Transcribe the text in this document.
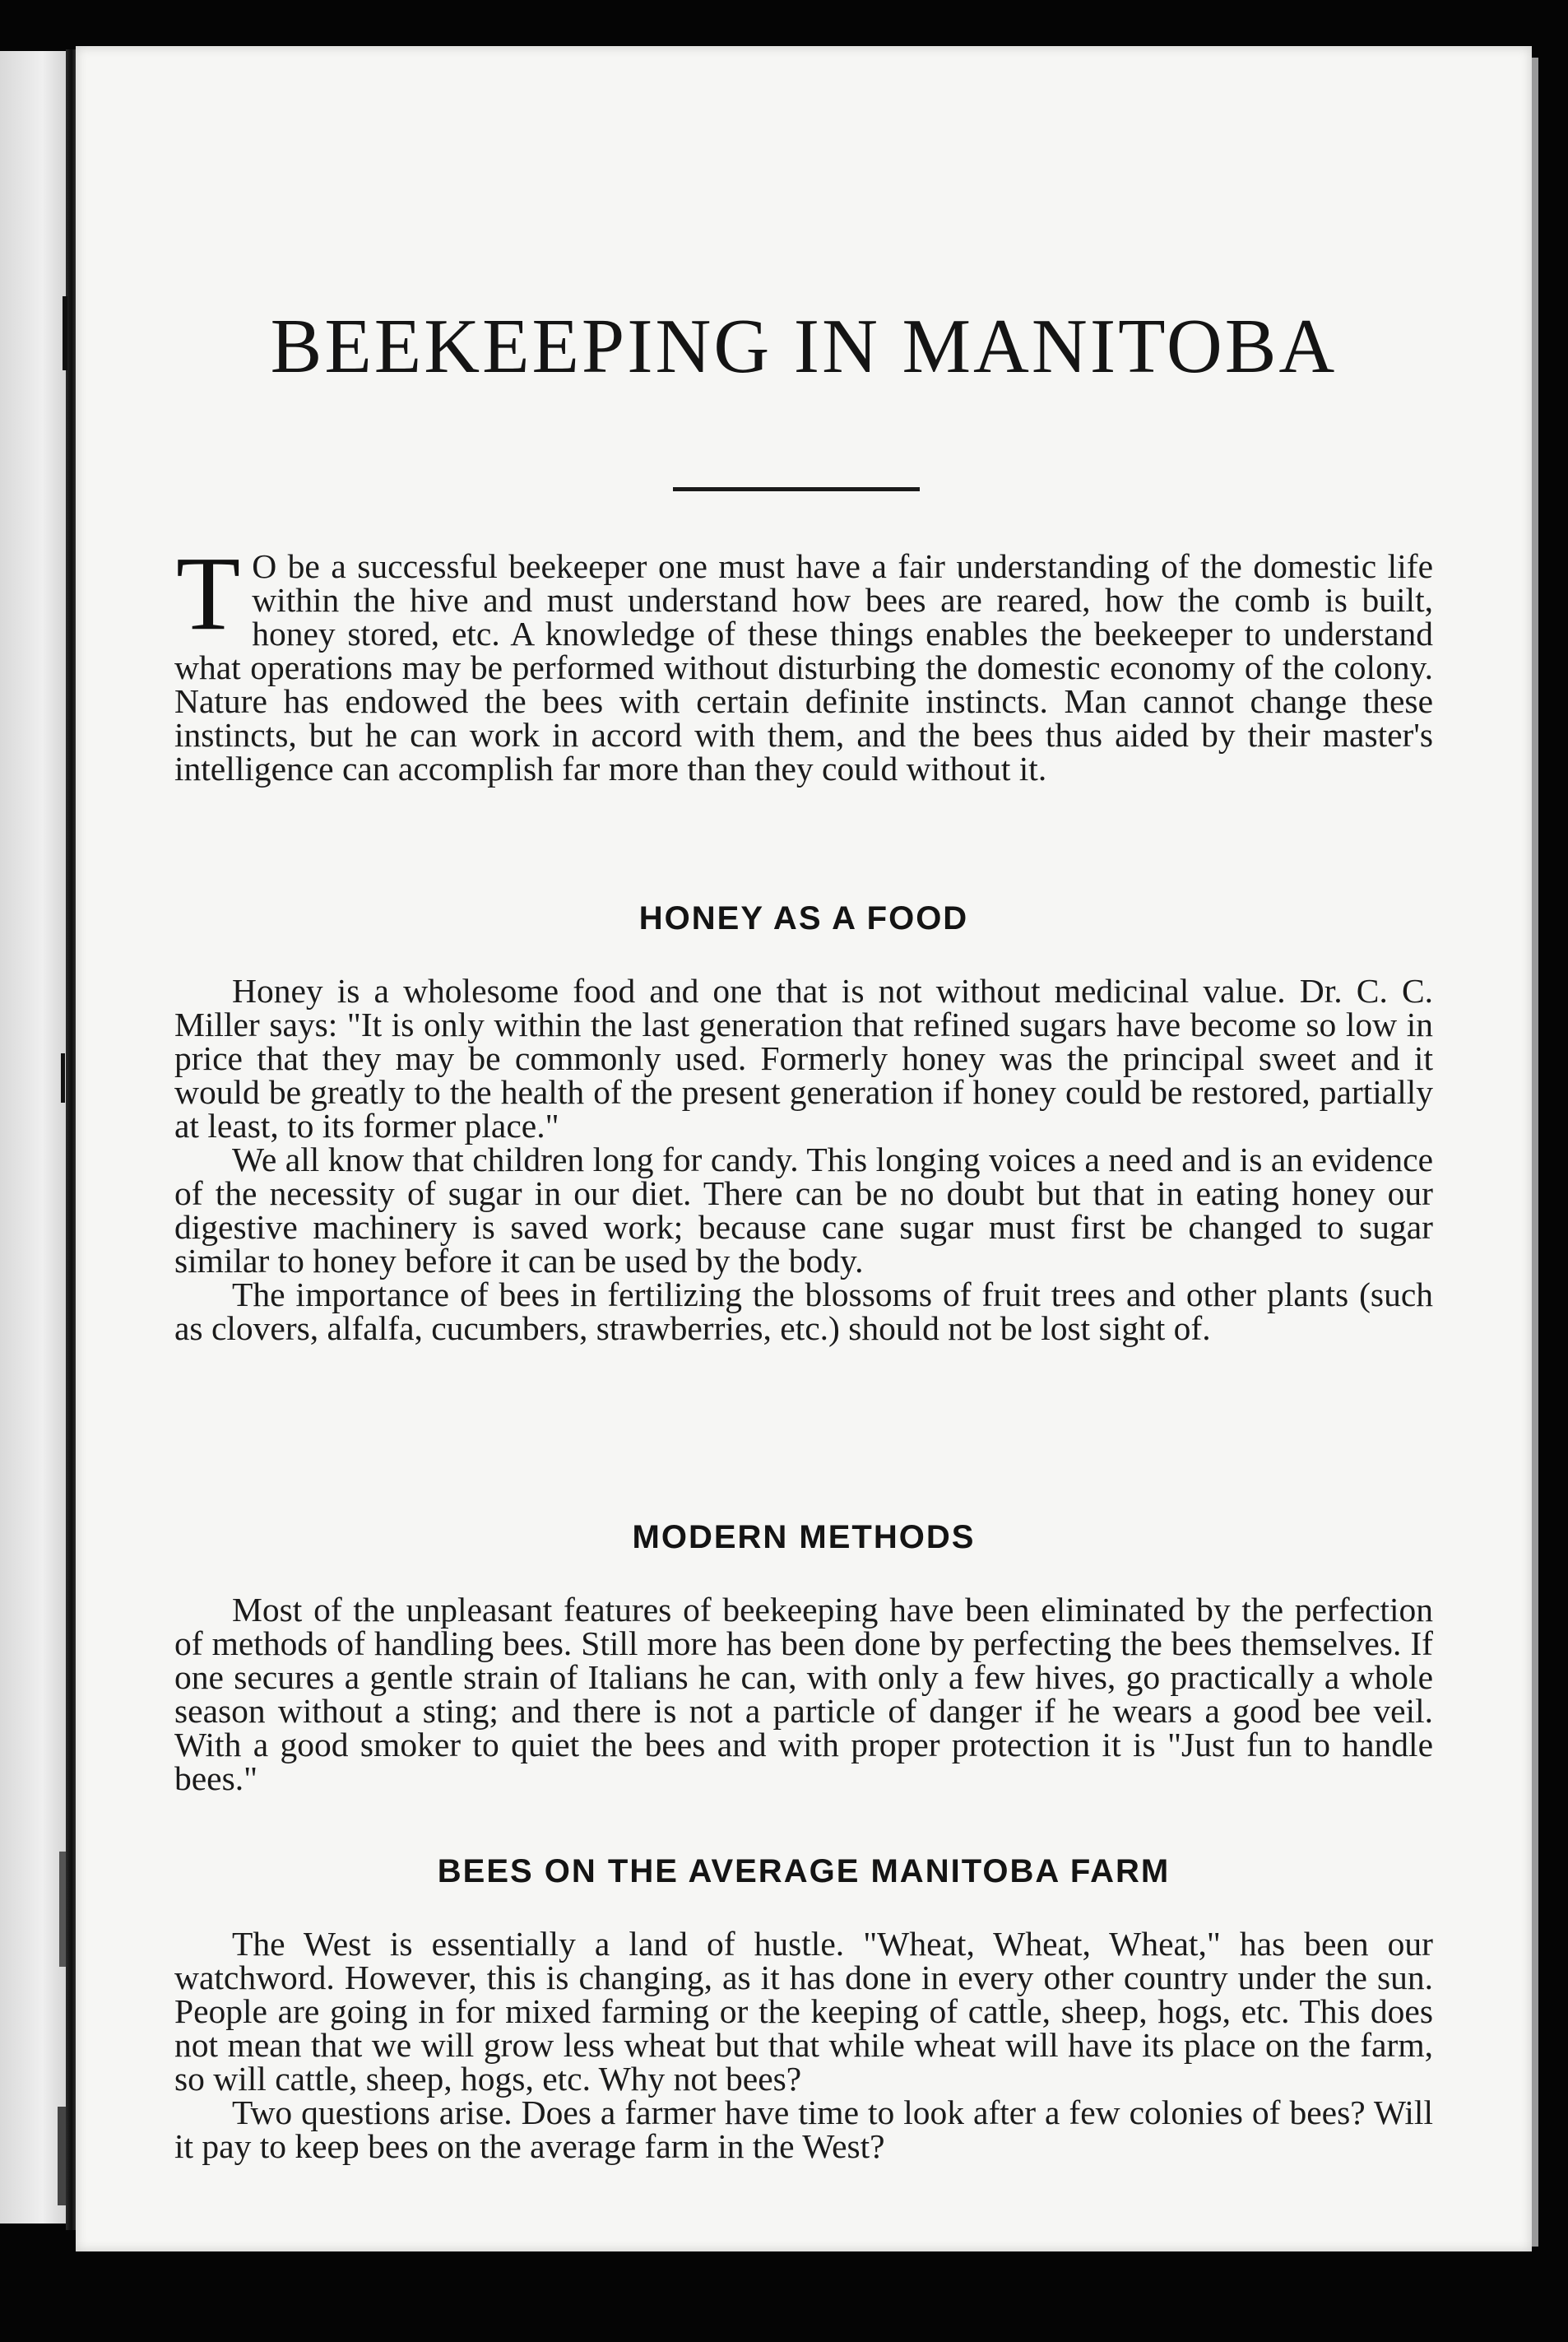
BEEKEEPING IN MANITOBA

T O be a successful beekeeper one must have a fair understanding of the domestic life within the hive and must understand how bees are reared, how the comb is built, honey stored, etc. A knowledge of these things enables the beekeeper to understand what operations may be performed without disturbing the domestic economy of the colony. Nature has endowed the bees with certain definite instincts. Man cannot change these instincts, but he can work in accord with them, and the bees thus aided by their master's intelligence can accomplish far more than they could without it.

HONEY AS A FOOD

Honey is a wholesome food and one that is not without medicinal value. Dr. C. C. Miller says: "It is only within the last generation that refined sugars have become so low in price that they may be commonly used. Formerly honey was the principal sweet and it would be greatly to the health of the present generation if honey could be restored, partially at least, to its former place."

We all know that children long for candy. This longing voices a need and is an evidence of the necessity of sugar in our diet. There can be no doubt but that in eating honey our digestive machinery is saved work; because cane sugar must first be changed to sugar similar to honey before it can be used by the body.

The importance of bees in fertilizing the blossoms of fruit trees and other plants (such as clovers, alfalfa, cucumbers, strawberries, etc.) should not be lost sight of.

MODERN METHODS

Most of the unpleasant features of beekeeping have been eliminated by the perfection of methods of handling bees. Still more has been done by perfecting the bees themselves. If one secures a gentle strain of Italians he can, with only a few hives, go practically a whole season without a sting; and there is not a particle of danger if he wears a good bee veil. With a good smoker to quiet the bees and with proper protection it is "Just fun to handle bees."

BEES ON THE AVERAGE MANITOBA FARM

The West is essentially a land of hustle. "Wheat, Wheat, Wheat," has been our watchword. However, this is changing, as it has done in every other country under the sun. People are going in for mixed farming or the keeping of cattle, sheep, hogs, etc. This does not mean that we will grow less wheat but that while wheat will have its place on the farm, so will cattle, sheep, hogs, etc. Why not bees?

Two questions arise. Does a farmer have time to look after a few colonies of bees? Will it pay to keep bees on the average farm in the West?
